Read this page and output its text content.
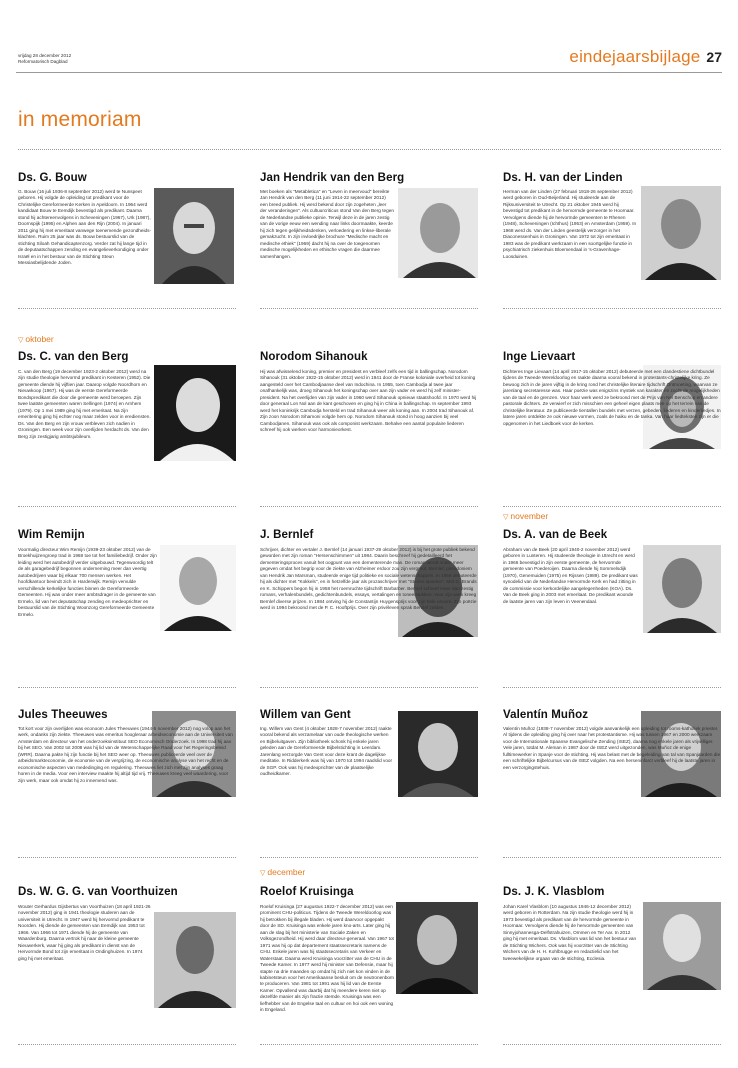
vrijdag 28 december 2012
Reformatorisch Dagblad	eindejaarsbijlage 27
in memoriam
▽ oktober
▽ november
▽ december
Ds. G. Bouw
G. Bouw (16 juli 1936-8 september 2012) werd te Nunspeet geboren. Hij volgde de opleiding tot predikant voor de Christelijke Gereformeerde Kerken in Apeldoorn. In 1964 werd kandidaat Bouw te Eemdijk bevestigd als predikant. Daarna stond hij achtereenvolgens in Scheveningen (1967), Urk (1987), Doornspijk (1995) en Alphen aan den Rijn (2004). In januari 2011 ging hij met emeritaat vanwege toenemende gezondheids-klachten. Ruim 25 jaar was ds. Bouw bestuurslid van de stichting Siloah Gehandicaptenzorg. Verder zat hij lange tijd in de deputaatschappen zending en evangelieverkondiging onder Israël en in het bestuur van de Stichting Steun Messiasbelijdende Joden.
Jan Hendrik van den Berg
Met boeken als "Metabletica" en "Leven in meervoud" bereikte Jan Hendrik van den Berg (11 juni 1914-22 september 2012) een breed publiek. Hij werd bekend door zijn zogeheten „leer der veranderingen". Als cultuurcriticus stond Van den Berg tegen de Nederlandse publieke opinie. Terwijl deze in de jaren zestig van de vorige eeuw een wending naar links doormaakte, keerde hij zich tegen gelijkheidsdenken, verloedering en linkse-liberale gemakzucht. In zijn invloedrijke brochure "Medische macht en medische ethiek" (1969) dacht hij na over de toegenomen medische mogelijkheden en ethische vragen die daarmee samenhangen.
Ds. H. van der Linden
Herman van der Linden (27 februari 1918-26 september 2012) werd geboren in Oud-Beijerland. Hij studeerde aan de Rijksuniversiteit te Utrecht. Op 21 oktober 1945 werd hij bevestigd tot predikant in de hervormde gemeente te Hoornaar. Vervolgens diende hij de hervormde gemeenten te Rhenen (1948), Scheveningen (Ichthus) (1953) en Amsterdam (1959). In 1968 werd ds. Van der Linden geestelijk verzorger in het Diaconessenhuis in Groningen. Van 1972 tot zijn emeritaat in 1983 was de predikant werkzaam in een soortgelijke functie in psychiatrisch ziekenhuis Bloemendaal in 's-Gravenhage-Loosduinen.
Ds. C. van den Berg
C. van den Berg (19 december 1923-2 oktober 2012) werd na zijn studie theologie hervormd predikant in Kesteren (1952). Die gemeente diende hij vijftien jaar. Daarop volgde Noordhorn en Nieuwkoop (1967). Hij was de eerste Gereformeerde Bondspredikant die door die gemeente werd beroepen. Zijn twee laatste gemeenten waren Sellingen (1974) en Arnhem (1979). Op 1 mei 1989 ging hij met emeritaat. Na zijn emeritering ging hij echter nog maar zelden voor in erediensten. Ds. Van den Berg en zijn vrouw verbleven zich nadien in Groningen. Een week voor zijn overlijden herdacht ds. Van den Berg zijn zestigjarig ambtsjubileum.
Norodom Sihanouk
Hij was afwisselend koning, premier en president en verbleef zelfs een tijd in ballingschap. Norodom Sihanouk (31 oktober 1922-15 oktober 2012) werd in 1941 door de Franse koloniale overheid tot koning aangesteld over het Cambodjaanse deel van Indochina. In 1955, toen Cambodja al twee jaar onafhankelijk was, droeg Sihanouk het koningschap over aan zijn vader en werd hij zelf minister-president. Na het overlijden van zijn vader in 1960 werd Sihanouk opnieuw staatshoofd. In 1970 werd hij door generaal Lon Nol aan de kant geschoven en ging hij in China in ballingschap. In september 1993 werd het koninkrijk Cambodja hersteld en trad Sihanouk weer als koning aan. In 2004 trad Sihanouk af. Zijn zoon Norodom Sihamoni volgde hem op. Norodom Sihanouk stond in hoog aanzien bij veel Cambodjanen. Sihanouk was ook als componist werkzaam. Behalve een aantal populaire liederen schreef hij ook werken voor harmonieorkest.
Inge Lievaart
Dichteres Inge Lievaart (14 april 1917-15 oktober 2012) debuteerde met een clandestiene dichtbundel tijdens de Tweede Wereldoorlog en raakte daarna vooral bekend in protestants-christelijke kring. Ze bewoog zich in de jaren vijftig in de kring rond het christelijke literaire tijdschrift Ontmoeting, waarvan ze jarenlang secretaresse was. Haar poëzie was enigszins mystiek van karakter en zocht de mogelijkheden van de taal en de grenzen. Voor haar werk werd ze bekroond met de Prijs van Nel Benschop en andere pastorale dichters. Ze verwierf er zich misschien een geheel eigen plaats mee op het terrein van de christelijke literatuur. Ze publiceerde tientallen bundels met verzen, gebeden, liederen en kinderliedjes. In latere jaren ontdekte ze ook nieuwe vormen, zoals de haiku en de tanka. Van haar liedteksten zijn er die opgenomen in het Liedboek voor de kerken.
Wim Remijn
Voormalig directeur Wim Remijn (1939-23 oktober 2012) van de Broekhuijzengroep trad in 1968 toe tot het familiebedrijf. Onder zijn leiding werd het autobedrijf verder uitgebouwd. Tegenwoordig telt de als garagebedrijf begonnen onderneming meer dan veertig autobedrijven waar bij elkaar 700 mensen werken. Het hoofdkantoor bevindt zich in Harderwijk. Remijn vervulde verschillende kerkelijke functies binnen de Gereformeerde Gemeenten. Hij was onder meer ambtsdrager in de gemeente van Ermelo, lid van het deputatschap zending en medeoprichter en bestuurslid van de Stichting Woonzorg Gereformeerde Gemeente Ermelo.
J. Bernlef
Schrijver, dichter en vertaler J. Bernlef (14 januari 1937-29 oktober 2012) is bij het grote publiek bekend geworden met zijn roman "Hersenschimmen" uit 1984. Daarin beschreef hij gedetailleerd het dementeringsproces vanuit het oogpunt van een dementerende man. De roman werdt onder meer gegeven omdat het begrip voor de ziekte van Alzheimer erdoor zou zijn vergroot. Bernlef, pseudoniem van Hendrik Jan Marsman, studeerde enige tijd politieke en sociale wetenschappen. In 1959 debuteerde hij als dichter met "Kokkels", en in hetzelfde jaar als prozaschrijver met "Stenen spoelen". Met G. Brands en K. Schippers begon hij in 1958 het roemruchte tijdschrift Barbarber. Bernlef schreef meer dan zestig romans, verhalenbundels, gedichtenbundels, essays, vertalingen en toneelstukken. Voor zijn werk kreeg Bernlef diverse prijzen. In 1984 ontving hij de Constantijn Huygensprijs voor zijn hele oeuvre. Zijn poëzie werd in 1994 bekroond met de P. C. Hooftprijs. Over zijn privéleven sprak Bernlef zelden.
Ds. A. van de Beek
Abraham van de Beek (20 april 1940-2 november 2012) werd geboren in Lunteren. Hij studeerde theologie in Utrecht en werd in 1966 bevestigd in zijn eerste gemeente, de hervormde gemeente van Poederoijen. Daarna diende hij Sommelsdijk (1970), Genemuiden (1975) en Rijssen (1989). De predikant was synodelid van de Nederlandse Hervormde Kerk en had zitting in de commissie voor kerkordelijke aangelegenheden (KOA). Ds. Van de Beek ging in 2003 met emeritaat. De predikant woonde de laatste jaren van zijn leven in Veenendaal.
Jules Theeuwes
Tot kort voor zijn overlijden was econoom Jules Theeuwes (1944-5 november 2012) nog volop aan het werk, ondanks zijn ziekte. Theeuwes was emeritus hoogleraar arbeidseconomie aan de Universiteit van Amsterdam en directeur van het onderzoeksinstituut SEO Economisch Onderzoek. In 1998 trad hij aan bij het SEO. Van 2002 tot 2008 was hij lid van de Wetenschappelijke Raad voor het Regeringsbeleid (WRR). Daarna pakte hij zijn functie bij het SEO weer op. Theeuwes publiceerde veel over de arbeidsmarkteconomie, de economie van de vergrijzing, de economische analyse van het recht en de economische aspecten van mededinging en regulering. Theeuwes liet zich met zijn analyses graag horen in de media. Voor een interview maakte hij altijd tijd vrij. Theeuwes kreeg veel waardering, voor zijn werk, maar ook omdat hij zo innemend was.
Willem van Gent
Ing. Willem van Gent (4 oktober 1928-7 november 2012) raakte vooral bekend als verzamelaar van oude theologische werken en Bijbeluitgaven. Zijn bibliotheek schonk hij enkele jaren geleden aan de Gereformeerde Bijbelstichting in Leerdam. Jarenlang verzorgde Van Gent voor deze krant de dagelijkse meditatie. In Ridderkerk was hij van 1970 tot 1994 raadslid voor de SGP. Ook was hij medeoprichter van de plaatselijke oudheidkamer.
Valentín Muñoz
Valentín Muñoz (1938-7 november 2012) volgde aanvankelijk een opleiding tot rooms-katholiek priester. Al tijdens die opleiding ging hij over naar het protestantisme. Hij was tussen 1967 en 2000 werkzaam voor de Internationale Spaanse Evangelische Zending (ISEZ), daarna nog enkele jaren als vrijwilliger. Vele jaren, totdat M. Aleman in 1987 door de ISEZ werd uitgezonden, was Muñoz de enige fulltimewerker in Spanje voor de stichting. Hij was belast met de begeleiding van tal van Spanjaarden die een schriftelijke Bijbelcursus van de ISEZ volgden. Na een herseninfarct verbleef hij de laatste jaren in een verzorgingstehuis.
Ds. W. G. G. van Voorthuizen
Wouter Gerhardus Gijsbertus van Voorthuizen (18 april 1921-26 november 2012) ging in 1941 theologie studeren aan de universiteit in Utrecht. In 1947 werd hij hervormd predikant te Noorden. Hij diende de gemeenten van Eemdijk van 1953 tot 1966. Van 1966 tot 1971 diende hij de gemeente van Waardenburg. Daarna vertrok hij naar de kleine gemeente Nieuwerkerk, waar hij ging als predikant in dienst van de Hervormde Bond tot zijn emeritaat in Ondinghuizen. In 1974 ging hij met emeritaat.
Roelof Kruisinga
Roelof Kruisinga (27 augustus 1922-7 december 2012) was een prominent CHU-politicus. Tijdens de Tweede Wereldoorlog was hij betrokken bij illegale bladen. Hij werd daarvoor opgepakt door de SD. Kruisinga was enkele jaren kno-arts. Later ging hij aan de slag bij het ministerie van Sociale Zaken en Volksgezondheid. Hij werd daar directeur-generaal. Van 1967 tot 1971 was hij op dat departement staatssecretaris namens de CHU. Enkele jaren was hij staatssecretaris van Verkeer en Waterstaat. Daarna werd Kruisinga voorzitter van de CHU in de Tweede Kamer. In 1977 werd hij minister van Defensie, maar hij stapte na drie maanden op omdat hij zich niet kon vinden in de kabinetsteun voor het Amerikaanse besluit om de neutronenbom te produceren. Van 1981 tot 1991 was hij lid van de Eerste Kamer. Opvallend was daarbij dat hij meerdere keren niet op dezelfde manier als zijn fractie stemde. Kruisinga was een liefhebber van de Engelse taal en cultuur en hoi ook een woning in Engeland.
Ds. J. K. Vlasblom
Johan Karel Vlasblom (10 augustus 1946-12 december 2012) werd geboren in Rotterdam. Na zijn studie theologie werd hij in 1973 bevestigd als predikant van de hervormde gemeente in Hoornaar. Vervolgens diende hij de hervormde gemeenten van Sinnyjohannesga-Delfstrahuizen, Ommen en Ter Aar. In 2012 ging hij met emeritaat. Ds. Vlasblom was lid van het bestuur van de Stichting Wichers. Ook was hij voorzitter van de Stichting Wichers van de H. H. Kohlbrugge en redactielid van het tweewekelijkse orgaan van de stichting, Ecclesia.
